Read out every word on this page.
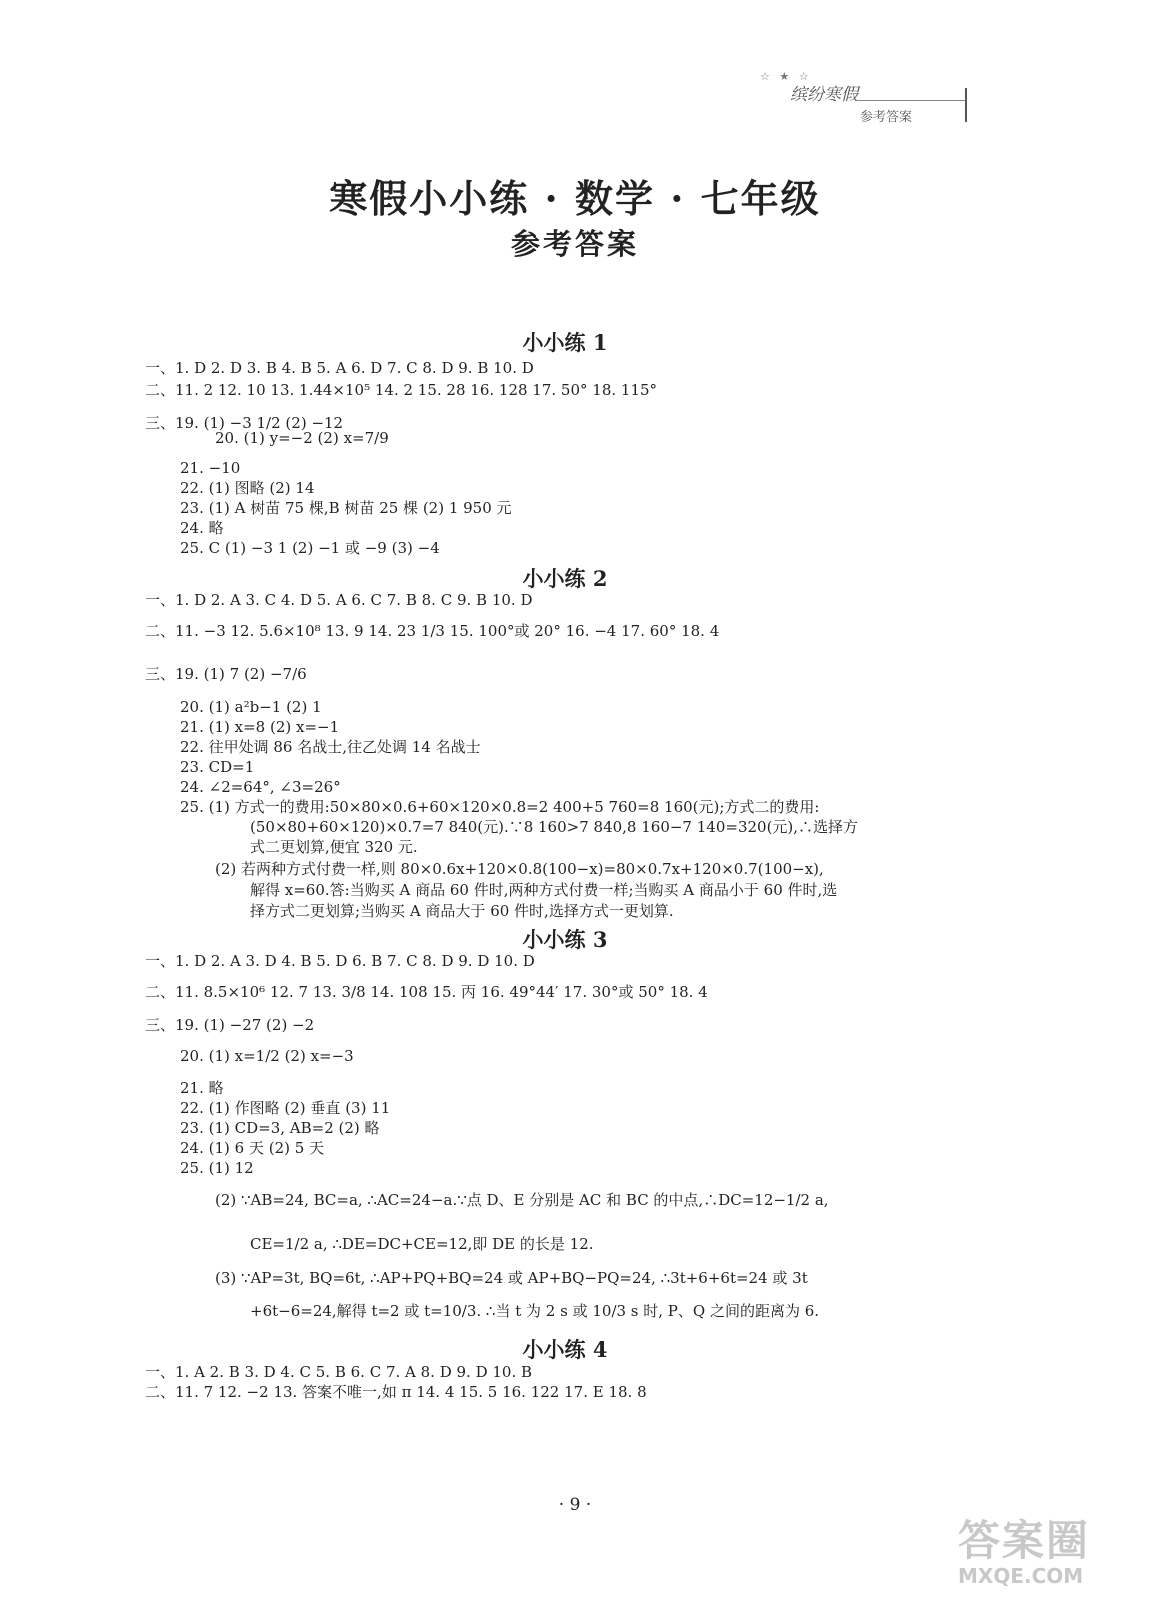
☆ ★ ☆
缤纷寒假
参考答案
寒假小小练 · 数学 · 七年级
参考答案
小小练 1
一、1. D 2. D 3. B 4. B 5. A 6. D 7. C 8. D 9. B 10. D
二、11. 2 12. 10 13. 1.44×10⁵ 14. 2 15. 28 16. 128 17. 50° 18. 115°
三、19. (1) −3 1/2 (2) −12
20. (1) y=−2 (2) x=7/9
21. −10
22. (1) 图略 (2) 14
23. (1) A 树苗 75 棵,B 树苗 25 棵 (2) 1 950 元
24. 略
25. C (1) −3 1 (2) −1 或 −9 (3) −4
小小练 2
一、1. D 2. A 3. C 4. D 5. A 6. C 7. B 8. C 9. B 10. D
二、11. −3 12. 5.6×10⁸ 13. 9 14. 23 1/3 15. 100°或 20° 16. −4 17. 60° 18. 4
三、19. (1) 7 (2) −7/6
20. (1) a²b−1 (2) 1
21. (1) x=8 (2) x=−1
22. 往甲处调 86 名战士,往乙处调 14 名战士
23. CD=1
24. ∠2=64°, ∠3=26°
25. (1) 方式一的费用:50×80×0.6+60×120×0.8=2 400+5 760=8 160(元);方式二的费用:
(50×80+60×120)×0.7=7 840(元).∵8 160>7 840,8 160−7 140=320(元),∴选择方
式二更划算,便宜 320 元.
(2) 若两种方式付费一样,则 80×0.6x+120×0.8(100−x)=80×0.7x+120×0.7(100−x),
解得 x=60.答:当购买 A 商品 60 件时,两种方式付费一样;当购买 A 商品小于 60 件时,选
择方式二更划算;当购买 A 商品大于 60 件时,选择方式一更划算.
小小练 3
一、1. D 2. A 3. D 4. B 5. D 6. B 7. C 8. D 9. D 10. D
二、11. 8.5×10⁶ 12. 7 13. 3/8 14. 108 15. 丙 16. 49°44′ 17. 30°或 50° 18. 4
三、19. (1) −27 (2) −2
20. (1) x=1/2 (2) x=−3
21. 略
22. (1) 作图略 (2) 垂直 (3) 11
23. (1) CD=3, AB=2 (2) 略
24. (1) 6 天 (2) 5 天
25. (1) 12
(2) ∵AB=24, BC=a, ∴AC=24−a.∵点 D、E 分别是 AC 和 BC 的中点,∴DC=12−1/2 a,
CE=1/2 a, ∴DE=DC+CE=12,即 DE 的长是 12.
(3) ∵AP=3t, BQ=6t, ∴AP+PQ+BQ=24 或 AP+BQ−PQ=24, ∴3t+6+6t=24 或 3t
+6t−6=24,解得 t=2 或 t=10/3. ∴当 t 为 2 s 或 10/3 s 时, P、Q 之间的距离为 6.
小小练 4
一、1. A 2. B 3. D 4. C 5. B 6. C 7. A 8. D 9. D 10. B
二、11. 7 12. −2 13. 答案不唯一,如 π 14. 4 15. 5 16. 122 17. E 18. 8
· 9 ·
答案圈
MXQE.COM
